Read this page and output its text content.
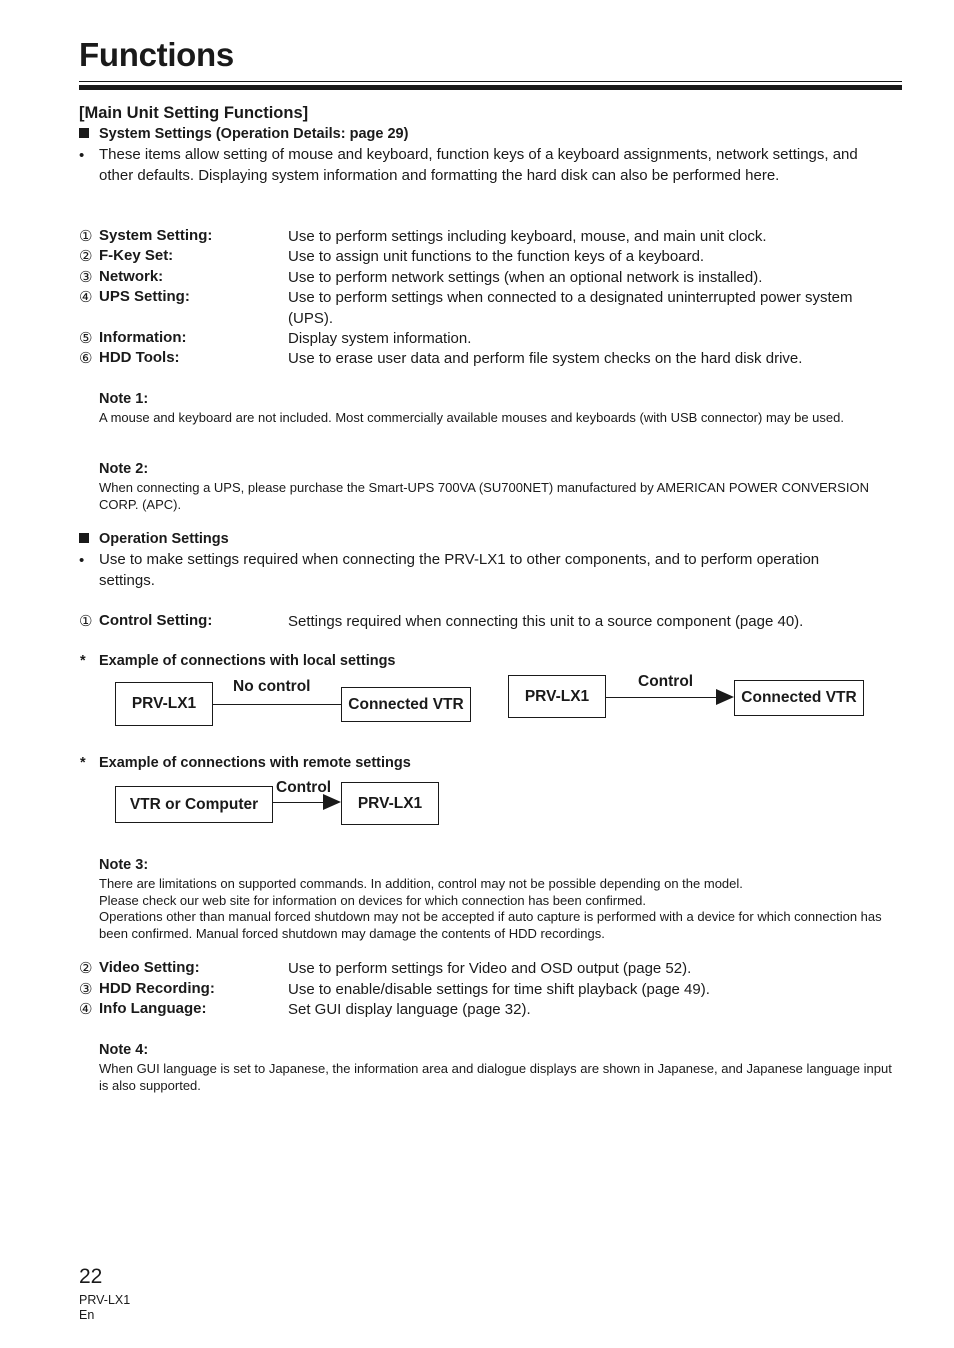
Functions
[Main Unit Setting Functions]
System Settings (Operation Details: page 29)
• These items allow setting of mouse and keyboard, function keys of a keyboard assignments, network settings, and other defaults. Displaying system information and formatting the hard disk can also be performed here.
① System Setting:	Use to perform settings including keyboard, mouse, and main unit clock.
② F-Key Set:	Use to assign unit functions to the function keys of a keyboard.
③ Network:	Use to perform network settings (when an optional network is installed).
④ UPS Setting:	Use to perform settings when connected to a designated uninterrupted power system (UPS).
⑤ Information:	Display system information.
⑥ HDD Tools:	Use to erase user data and perform file system checks on the hard disk drive.
Note 1:
A mouse and keyboard are not included. Most commercially available mouses and keyboards (with USB connector) may be used.
Note 2:
When connecting a UPS, please purchase the Smart-UPS 700VA (SU700NET) manufactured by AMERICAN POWER CONVERSION CORP. (APC).
Operation Settings
• Use to make settings required when connecting the PRV-LX1 to other components, and to perform operation settings.
① Control Setting:	Settings required when connecting this unit to a source component (page 40).
* Example of connections with local settings
PRV-LX1
No control
Connected VTR	PRV-LX1
Control
Connected VTR
* Example of connections with remote settings
VTR or Computer
Control
PRV-LX1
Note 3:
There are limitations on supported commands. In addition, control may not be possible depending on the model.
Please check our web site for information on devices for which connection has been confirmed.
Operations other than manual forced shutdown may not be accepted if auto capture is performed with a device for which connection has been confirmed. Manual forced shutdown may damage the contents of HDD recordings.
② Video Setting:	Use to perform settings for Video and OSD output (page 52).
③ HDD Recording:	Use to enable/disable settings for time shift playback (page 49).
④ Info Language:	Set GUI display language (page 32).
Note 4:
When GUI language is set to Japanese, the information area and dialogue displays are shown in Japanese, and Japanese language input is also supported.
22
PRV-LX1
En
